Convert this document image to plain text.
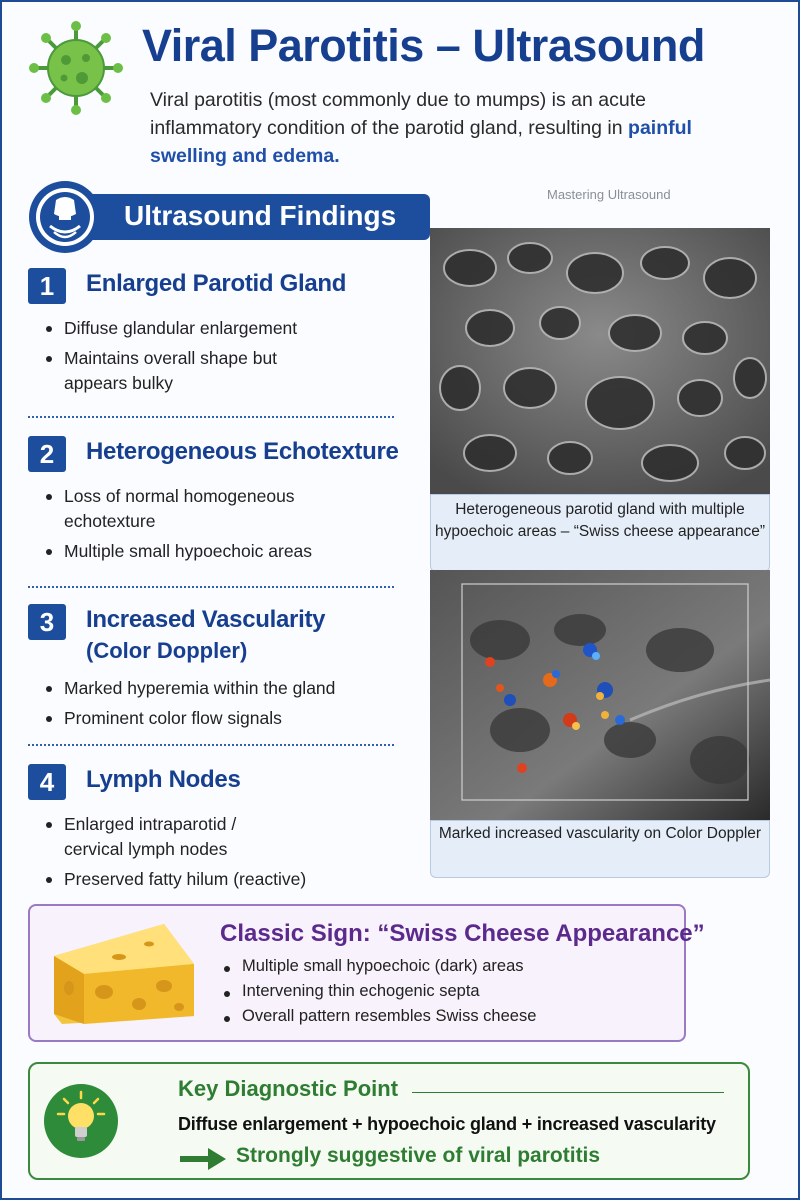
Viral Parotitis – Ultrasound
Viral parotitis (most commonly due to mumps) is an acute inflammatory condition of the parotid gland, resulting in painful swelling and edema.
Ultrasound Findings
Mastering Ultrasound
1	Enlarged Parotid Gland
Diffuse glandular enlargement
Maintains overall shape but appears bulky
2	Heterogeneous Echotexture
Loss of normal homogeneous echotexture
Multiple small hypoechoic areas
3	Increased Vascularity
(Color Doppler)
Marked hyperemia within the gland
Prominent color flow signals
4	Lymph Nodes
Enlarged intraparotid / cervical lymph nodes
Preserved fatty hilum (reactive)
Heterogeneous parotid gland with multiple hypoechoic areas – “Swiss cheese appearance”
Marked increased vascularity on Color Doppler
Classic Sign: “Swiss Cheese Appearance”
Multiple small hypoechoic (dark) areas
Intervening thin echogenic septa
Overall pattern resembles Swiss cheese
Key Diagnostic Point
Diffuse enlargement + hypoechoic gland + increased vascularity
Strongly suggestive of viral parotitis
